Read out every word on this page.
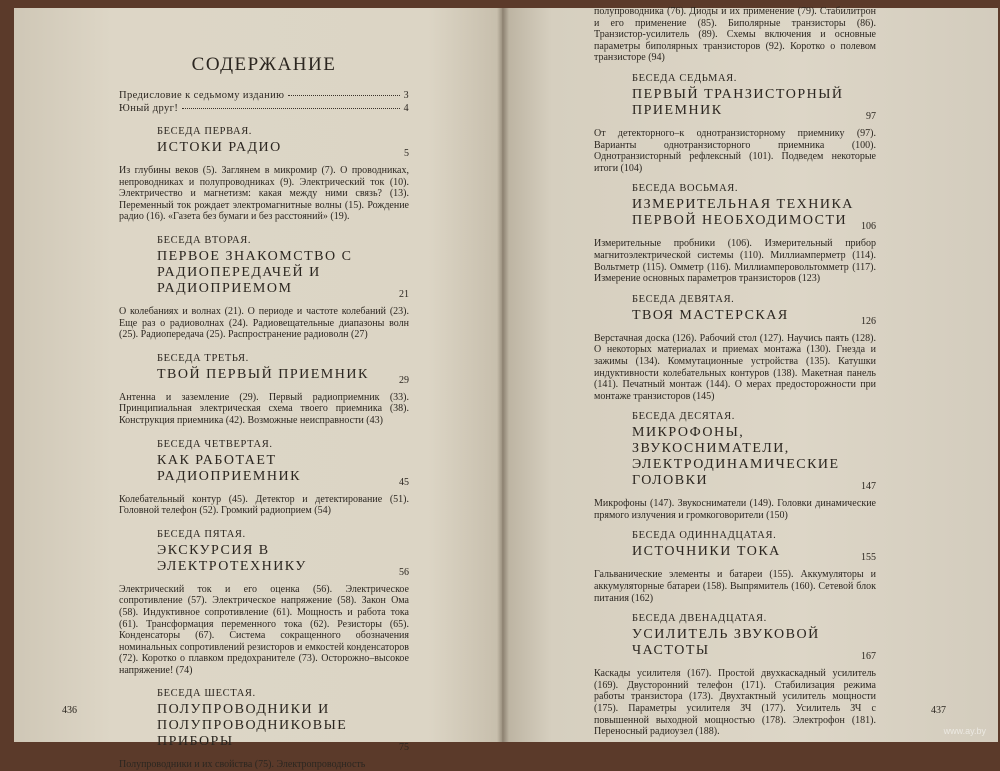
СОДЕРЖАНИЕ
Предисловие к седьмому изданию	3
Юный друг!	4
БЕСЕДА ПЕРВАЯ.
ИСТОКИ РАДИО	5
Из глубины веков (5). Заглянем в микромир (7). О проводниках, непроводниках и полупроводниках (9). Электрический ток (10). Электричество и магнетизм: какая между ними связь? (13). Переменный ток рождает электромагнитные волны (15). Рождение радио (16). «Газета без бумаги и без расстояний» (19).
БЕСЕДА ВТОРАЯ.
ПЕРВОЕ ЗНАКОМСТВО С РАДИОПЕРЕДАЧЕЙ И РАДИОПРИЕМОМ	21
О колебаниях и волнах (21). О периоде и частоте колебаний (23). Еще раз о радиоволнах (24). Радиовещательные диапазоны волн (25). Радиопередача (25). Распространение радиоволн (27)
БЕСЕДА ТРЕТЬЯ.
ТВОЙ ПЕРВЫЙ ПРИЕМНИК	29
Антенна и заземление (29). Первый радиоприемник (33). Принципиальная электрическая схема твоего приемника (38). Конструкция приемника (42). Возможные неисправности (43)
БЕСЕДА ЧЕТВЕРТАЯ.
КАК РАБОТАЕТ РАДИОПРИЕМНИК	45
Колебательный контур (45). Детектор и детектирование (51). Головной телефон (52). Громкий радиоприем (54)
БЕСЕДА ПЯТАЯ.
ЭКСКУРСИЯ В ЭЛЕКТРОТЕХНИКУ	56
Электрический ток и его оценка (56). Электрическое сопротивление (57). Электрическое напряжение (58). Закон Ома (58). Индуктивное сопротивление (61). Мощность и работа тока (61). Трансформация переменного тока (62). Резисторы (65). Конденсаторы (67). Система сокращенного обозначения номинальных сопротивлений резисторов и емкостей конденсаторов (72). Коротко о плавком предохранителе (73). Осторожно–высокое напряжение! (74)
БЕСЕДА ШЕСТАЯ.
ПОЛУПРОВОДНИКИ И ПОЛУПРОВОДНИКОВЫЕ ПРИБОРЫ	75
Полупроводники и их свойства (75). Электропроводность
436
полупроводника (76). Диоды и их применение (79). Стабилитрон и его применение (85). Биполярные транзисторы (86). Транзистор-усилитель (89). Схемы включения и основные параметры биполярных транзисторов (92). Коротко о полевом транзисторе (94)
БЕСЕДА СЕДЬМАЯ.
ПЕРВЫЙ ТРАНЗИСТОРНЫЙ ПРИЕМНИК	97
От детекторного–к однотранзисторному приемнику (97). Варианты однотранзисторного приемника (100). Однотранзисторный рефлексный (101). Подведем некоторые итоги (104)
БЕСЕДА ВОСЬМАЯ.
ИЗМЕРИТЕЛЬНАЯ ТЕХНИКА ПЕРВОЙ НЕОБХОДИМОСТИ	106
Измерительные пробники (106). Измерительный прибор магнитоэлектрической системы (110). Миллиамперметр (114). Вольтметр (115). Омметр (116). Миллиамперовольтомметр (117). Измерение основных параметров транзисторов (123)
БЕСЕДА ДЕВЯТАЯ.
ТВОЯ МАСТЕРСКАЯ	126
Верстачная доска (126). Рабочий стол (127). Научись паять (128). О некоторых материалах и приемах монтажа (130). Гнезда и зажимы (134). Коммутационные устройства (135). Катушки индуктивности колебательных контуров (138). Макетная панель (141). Печатный монтаж (144). О мерах предосторожности при монтаже транзисторов (145)
БЕСЕДА ДЕСЯТАЯ.
МИКРОФОНЫ, ЗВУКОСНИМАТЕЛИ, ЭЛЕКТРОДИНАМИЧЕСКИЕ ГОЛОВКИ	147
Микрофоны (147). Звукосниматели (149). Головки динамические прямого излучения и громкоговорители (150)
БЕСЕДА ОДИННАДЦАТАЯ.
ИСТОЧНИКИ ТОКА	155
Гальванические элементы и батареи (155). Аккумуляторы и аккумуляторные батареи (158). Выпрямитель (160). Сетевой блок питания (162)
БЕСЕДА ДВЕНАДЦАТАЯ.
УСИЛИТЕЛЬ ЗВУКОВОЙ ЧАСТОТЫ	167
Каскады усилителя (167). Простой двухкаскадный усилитель (169). Двусторонний телефон (171). Стабилизация режима работы транзистора (173). Двухтактный усилитель мощности (175). Параметры усилителя ЗЧ (177). Усилитель ЗЧ с повышенной выходной мощностью (178). Электрофон (181). Переносный радиоузел (188).
437
www.ay.by
